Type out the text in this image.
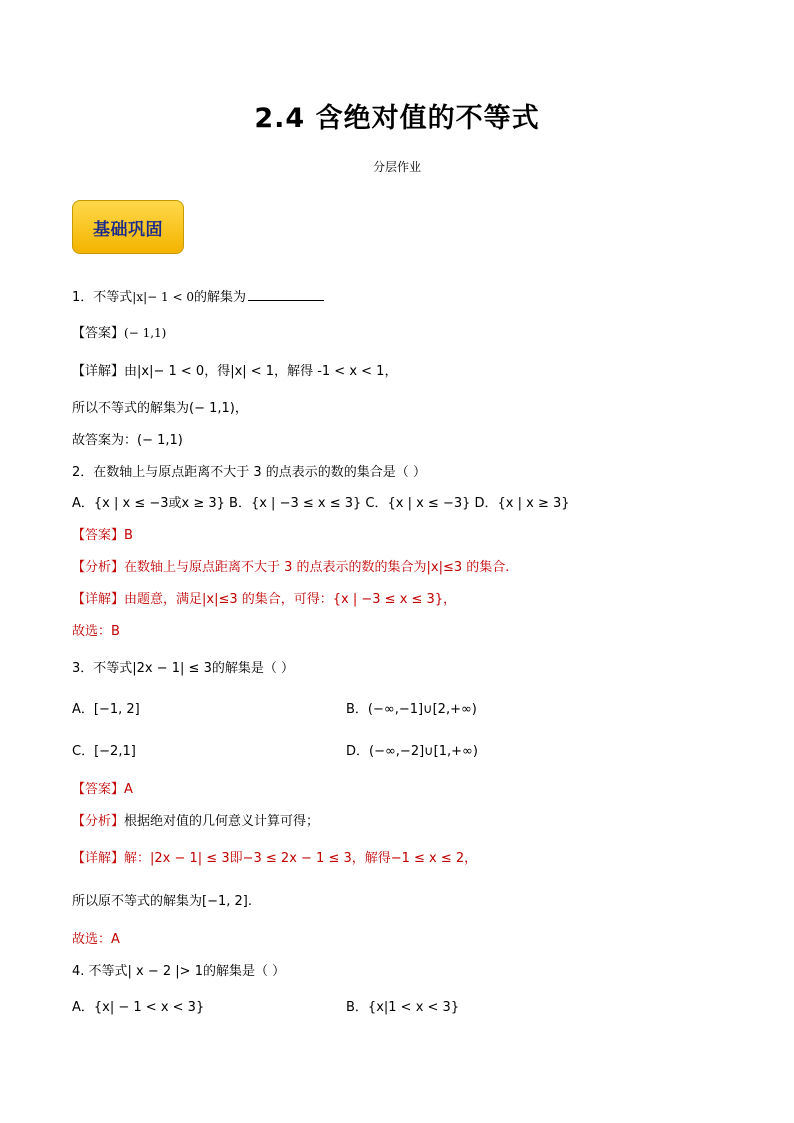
2.4 含绝对值的不等式
分层作业
基础巩固
1．不等式|x|− 1 < 0的解集为
【答案】(− 1,1)
【详解】由|x|− 1 < 0，得|x| < 1，解得 -1 < x < 1，
所以不等式的解集为(− 1,1)，
故答案为：(− 1,1)
2．在数轴上与原点距离不大于 3 的点表示的数的集合是（ ）
A．{x | x ≤ −3或x ≥ 3} B．{x | −3 ≤ x ≤ 3} C．{x | x ≤ −3} D．{x | x ≥ 3}
【答案】B
【分析】在数轴上与原点距离不大于 3 的点表示的数的集合为|x|≤3 的集合.
【详解】由题意，满足|x|≤3 的集合，可得：{x | −3 ≤ x ≤ 3}，
故选：B
3．不等式|2x − 1| ≤ 3的解集是（ ）
A．[−1, 2]	B．(−∞,−1]∪[2,+∞)
C．[−2,1]	D．(−∞,−2]∪[1,+∞)
【答案】A
【分析】根据绝对值的几何意义计算可得；
【详解】解：|2x − 1| ≤ 3即−3 ≤ 2x − 1 ≤ 3，解得−1 ≤ x ≤ 2，
所以原不等式的解集为[−1, 2].
故选：A
4. 不等式| x − 2 |> 1的解集是（ ）
A．{x| − 1 < x < 3}	B．{x|1 < x < 3}
